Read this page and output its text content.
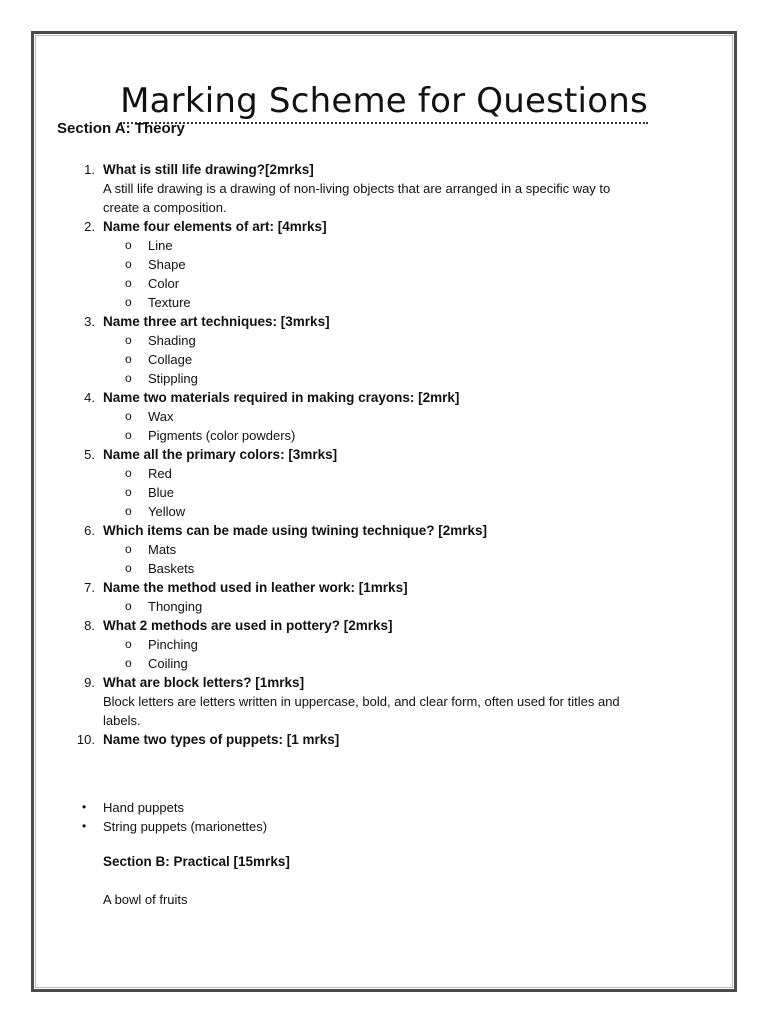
Marking Scheme for Questions
Section A: Theory
1. What is still life drawing?[2mrks]
A still life drawing is a drawing of non-living objects that are arranged in a specific way to create a composition.
2. Name four elements of art: [4mrks]
o Line
o Shape
o Color
o Texture
3. Name three art techniques: [3mrks]
o Shading
o Collage
o Stippling
4. Name two materials required in making crayons: [2mrk]
o Wax
o Pigments (color powders)
5. Name all the primary colors: [3mrks]
o Red
o Blue
o Yellow
6. Which items can be made using twining technique? [2mrks]
o Mats
o Baskets
7. Name the method used in leather work: [1mrks]
o Thonging
8. What 2 methods are used in pottery? [2mrks]
o Pinching
o Coiling
9. What are block letters? [1mrks]
Block letters are letters written in uppercase, bold, and clear form, often used for titles and labels.
10. Name two types of puppets: [1 mrks]
• Hand puppets
• String puppets (marionettes)
Section B: Practical [15mrks]
A bowl of fruits
